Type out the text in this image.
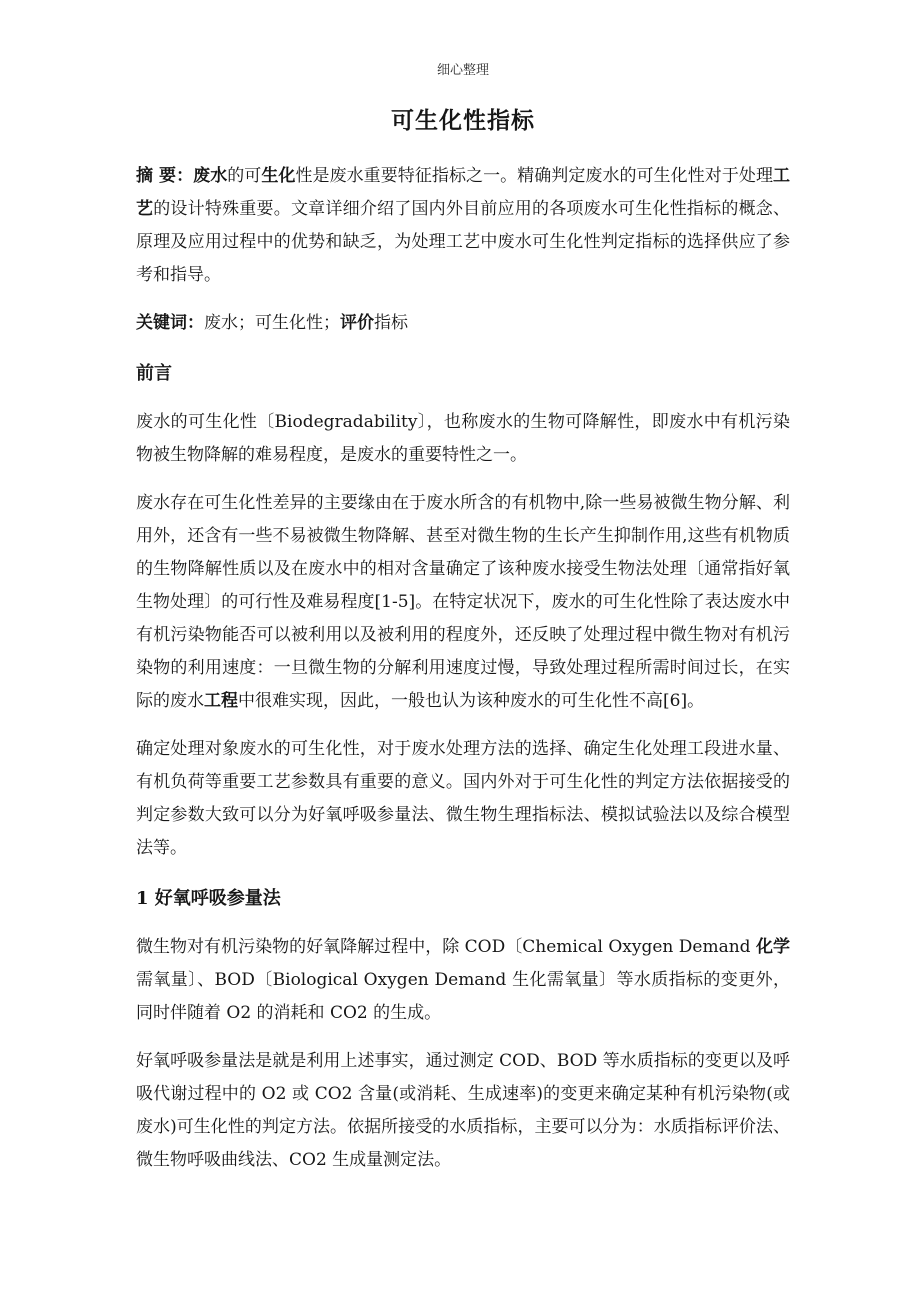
细心整理
可生化性指标

摘 要：废水的可生化性是废水重要特征指标之一。精确判定废水的可生化性对于处理工艺的设计特殊重要。文章详细介绍了国内外目前应用的各项废水可生化性指标的概念、原理及应用过程中的优势和缺乏，为处理工艺中废水可生化性判定指标的选择供应了参考和指导。

关键词：废水；可生化性；评价指标

前言

废水的可生化性〔Biodegradability〕，也称废水的生物可降解性，即废水中有机污染物被生物降解的难易程度，是废水的重要特性之一。

废水存在可生化性差异的主要缘由在于废水所含的有机物中,除一些易被微生物分解、利用外，还含有一些不易被微生物降解、甚至对微生物的生长产生抑制作用,这些有机物质的生物降解性质以及在废水中的相对含量确定了该种废水接受生物法处理〔通常指好氧生物处理〕的可行性及难易程度[1-5]。在特定状况下，废水的可生化性除了表达废水中有机污染物能否可以被利用以及被利用的程度外，还反映了处理过程中微生物对有机污染物的利用速度：一旦微生物的分解利用速度过慢，导致处理过程所需时间过长，在实际的废水工程中很难实现，因此，一般也认为该种废水的可生化性不高[6]。

确定处理对象废水的可生化性，对于废水处理方法的选择、确定生化处理工段进水量、有机负荷等重要工艺参数具有重要的意义。国内外对于可生化性的判定方法依据接受的判定参数大致可以分为好氧呼吸参量法、微生物生理指标法、模拟试验法以及综合模型法等。

1 好氧呼吸参量法

微生物对有机污染物的好氧降解过程中，除 COD〔Chemical Oxygen Demand 化学需氧量〕、BOD〔Biological Oxygen Demand 生化需氧量〕等水质指标的变更外，同时伴随着 O2 的消耗和 CO2 的生成。

好氧呼吸参量法是就是利用上述事实，通过测定 COD、BOD 等水质指标的变更以及呼吸代谢过程中的 O2 或 CO2 含量(或消耗、生成速率)的变更来确定某种有机污染物(或废水)可生化性的判定方法。依据所接受的水质指标，主要可以分为：水质指标评价法、微生物呼吸曲线法、CO2 生成量测定法。
